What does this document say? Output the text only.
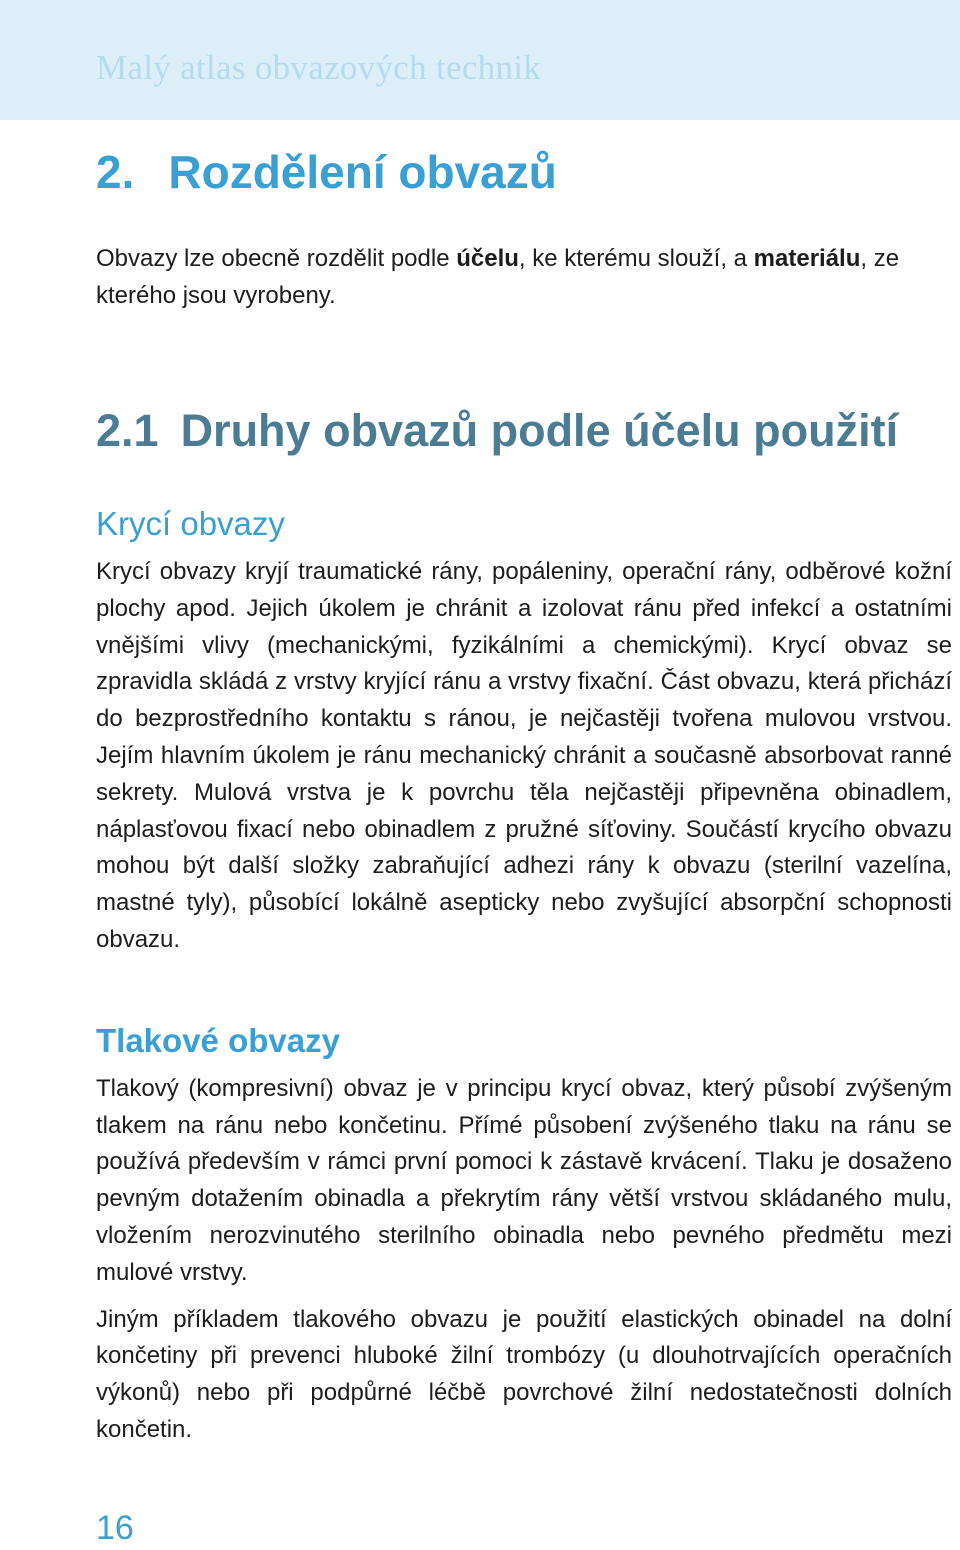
Malý atlas obvazových technik
2. Rozdělení obvazů

Obvazy lze obecně rozdělit podle účelu, ke kterému slouží, a materiálu, ze kterého jsou vyrobeny.

2.1 Druhy obvazů podle účelu použití
Krycí obvazy

Krycí obvazy kryjí traumatické rány, popáleniny, operační rány, odběrové kožní plochy apod. Jejich úkolem je chránit a izolovat ránu před infekcí a ostatními vnějšími vlivy (mechanickými, fyzikálními a chemickými). Krycí obvaz se zpravidla skládá z vrstvy kryjící ránu a vrstvy fixační. Část obvazu, která přichází do bezprostředního kontaktu s ránou, je nejčastěji tvořena mulovou vrstvou. Jejím hlavním úkolem je ránu mechanický chránit a současně absorbovat ranné sekrety. Mulová vrstva je k povrchu těla nejčastěji připevněna obinadlem, náplasťovou fixací nebo obinadlem z pružné síťoviny. Součástí krycího obvazu mohou být další složky zabraňující adhezi rány k obvazu (sterilní vazelína, mastné tyly), působící lokálně asepticky nebo zvyšující absorpční schopnosti obvazu.

Tlakové obvazy

Tlakový (kompresivní) obvaz je v principu krycí obvaz, který působí zvýšeným tlakem na ránu nebo končetinu. Přímé působení zvýšeného tlaku na ránu se používá především v rámci první pomoci k zástavě krvácení. Tlaku je dosaženo pevným dotažením obinadla a překrytím rány větší vrstvou skládaného mulu, vložením nerozvinutého sterilního obinadla nebo pevného předmětu mezi mulové vrstvy.

Jiným příkladem tlakového obvazu je použití elastických obinadel na dolní končetiny při prevenci hluboké žilní trombózy (u dlouhotrvajících operačních výkonů) nebo při podpůrné léčbě povrchové žilní nedostatečnosti dolních končetin.

16
